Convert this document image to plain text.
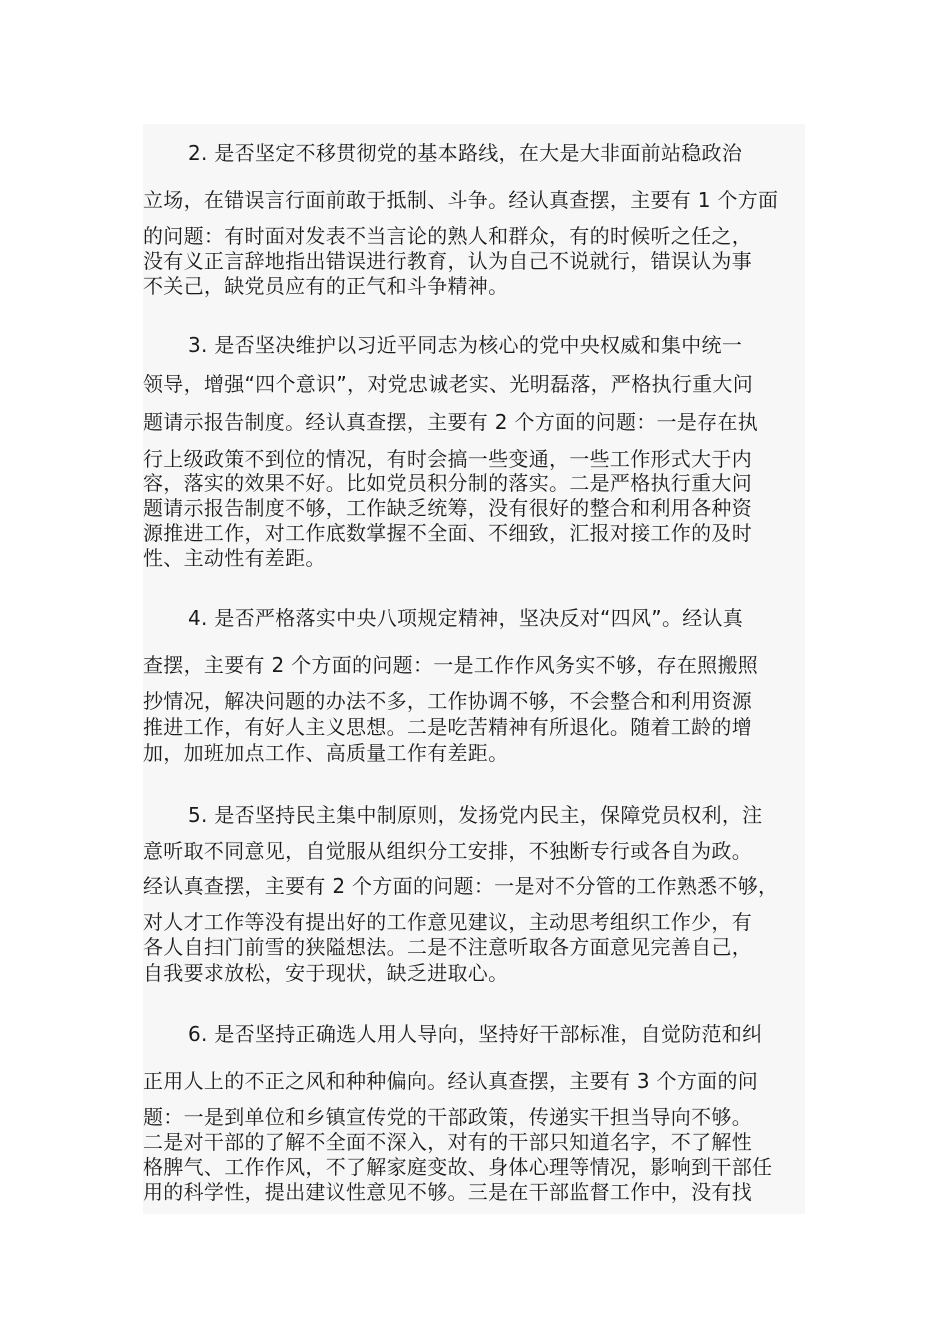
2. 是否坚定不移贯彻党的基本路线，在大是大非面前站稳政治
立场，在错误言行面前敢于抵制、斗争。经认真查摆，主要有 1 个方面
的问题：有时面对发表不当言论的熟人和群众，有的时候听之任之，
没有义正言辞地指出错误进行教育，认为自己不说就行，错误认为事
不关己，缺党员应有的正气和斗争精神。
3. 是否坚决维护以习近平同志为核心的党中央权威和集中统一
领导，增强“四个意识”，对党忠诚老实、光明磊落，严格执行重大问
题请示报告制度。经认真查摆，主要有 2 个方面的问题：一是存在执
行上级政策不到位的情况，有时会搞一些变通，一些工作形式大于内
容，落实的效果不好。比如党员积分制的落实。二是严格执行重大问
题请示报告制度不够，工作缺乏统筹，没有很好的整合和利用各种资
源推进工作，对工作底数掌握不全面、不细致，汇报对接工作的及时
性、主动性有差距。
4. 是否严格落实中央八项规定精神，坚决反对“四风”。经认真
查摆，主要有 2 个方面的问题：一是工作作风务实不够，存在照搬照
抄情况，解决问题的办法不多，工作协调不够，不会整合和利用资源
推进工作，有好人主义思想。二是吃苦精神有所退化。随着工龄的增
加，加班加点工作、高质量工作有差距。
5. 是否坚持民主集中制原则，发扬党内民主，保障党员权利，注
意听取不同意见，自觉服从组织分工安排，不独断专行或各自为政。
经认真查摆，主要有 2 个方面的问题：一是对不分管的工作熟悉不够，
对人才工作等没有提出好的工作意见建议，主动思考组织工作少，有
各人自扫门前雪的狭隘想法。二是不注意听取各方面意见完善自己，
自我要求放松，安于现状，缺乏进取心。
6. 是否坚持正确选人用人导向，坚持好干部标准，自觉防范和纠
正用人上的不正之风和种种偏向。经认真查摆，主要有 3 个方面的问
题：一是到单位和乡镇宣传党的干部政策，传递实干担当导向不够。
二是对干部的了解不全面不深入，对有的干部只知道名字，不了解性
格脾气、工作作风，不了解家庭变故、身体心理等情况，影响到干部任
用的科学性，提出建议性意见不够。三是在干部监督工作中，没有找
